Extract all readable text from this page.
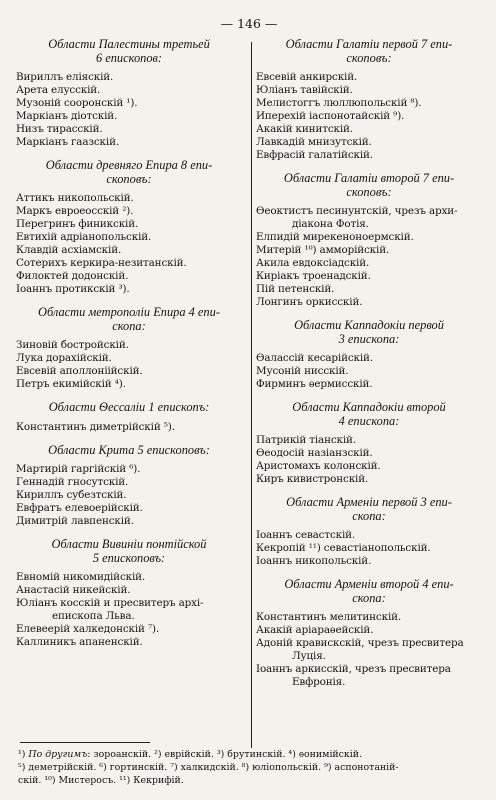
— 146 —
Области Палестины третьей
6 епископов:
Вириллъ еліяскій.
Арета елусскій.
Музоній сооронскій ¹).
Маркіанъ діотскій.
Низъ тирасскій.
Маркіанъ гаазскій.
Области древняго Епира 8 епи-
скоповъ:
Аттикъ никопольскій.
Маркъ евроеосскій ²).
Перегринъ финикскій.
Евтихій адріанопольскій.
Клавдій асхіамскій.
Сотерихъ керкира-незитанскій.
Филоктей додонскій.
Іоаннъ протикскій ³).
Области метрополіи Епира 4 епи-
скопа:
Зиновій бостройскій.
Лука дорахійскій.
Евсевій аполлоніійскій.
Петръ екимійскій ⁴).
Области Ѳессаліи 1 епископъ:
Константинъ диметрійскій ⁵).
Области Крита 5 епископовъ:
Мартирій гаргійскій ⁶).
Геннадій гносутскій.
Кириллъ субезтскій.
Евфратъ елевоерійскій.
Димитрій лавпенскій.
Области Вивиніи понтійской
5 епископовъ:
Евномій никомидійскій.
Анастасій никейскій.
Юліанъ косскій и пресвитеръ архі-
епископа Льва.
Елевеерій халкедонскій ⁷).
Каллиникъ апаненскій.
Области Галатіи первой 7 епи-
скоповъ:
Евсевій анкирскій.
Юліанъ тавійскій.
Мелистоггъ люллюпольскій ⁸).
Иперехій іаспонотайскій ⁹).
Акакій кинитскій.
Лавкадій мнизутскій.
Евфрасій галатійскій.
Области Галатіи второй 7 епи-
скоповъ:
Ѳеоктистъ песинунтскій, чрезъ архи-
діакона Фотія.
Елпидій мирекеноноермскій.
Митерій ¹⁰) амморійскій.
Акила евдоксіадскій.
Киріакъ троенадскій.
Пій петенскій.
Лонгинъ оркисскій.
Области Каппадокіи первой
3 епископа:
Ѳалассій кесарійскій.
Мусоній нисскій.
Фирминъ ѳермисскій.
Области Каппадокіи второй
4 епископа:
Патрикій тіанскій.
Ѳеодосій назіанзскій.
Аристомахъ колонскій.
Киръ кивистронскій.
Области Арменіи первой 3 епи-
скопа:
Іоаннъ севастскій.
Кекропій ¹¹) севастіанопольскій.
Іоаннъ никопольскій.
Области Арменіи второй 4 епи-
скопа:
Константинъ мелитинскій.
Акакій аріараѳейскій.
Адоній кравискскій, чрезъ пресвитера
Луція.
Іоаннъ аркисскій, чрезъ пресвитера
Евфронія.
¹) По другимъ: зороанскій. ²) еврійскій. ³) брутинскій. ⁴) ѳонимійскій.
⁵) деметрійскій. ⁶) гортинскій. ⁷) халкидскій. ⁸) юліопольскій. ⁹) аспонотаній-
скій. ¹⁰) Мистеросъ. ¹¹) Кекрифій.
